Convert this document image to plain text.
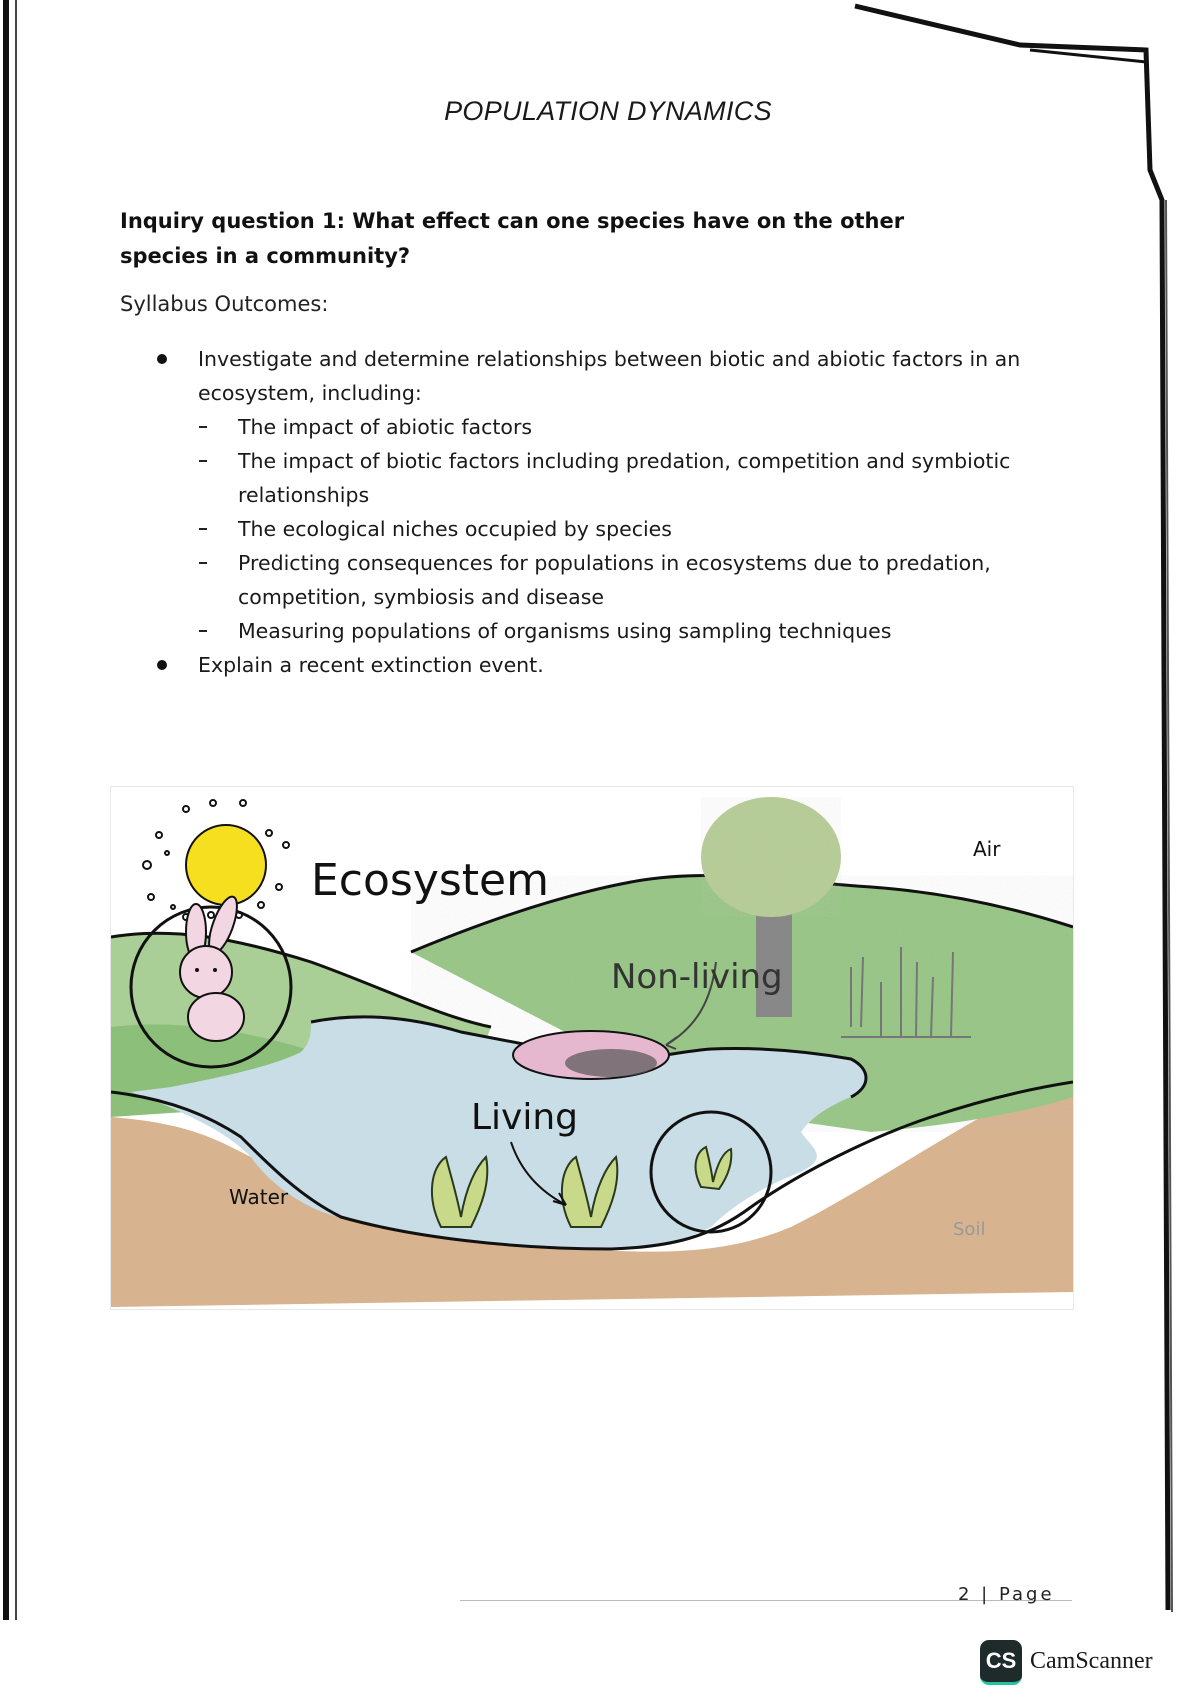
POPULATION DYNAMICS
Inquiry question 1: What effect can one species have on the other species in a community?
Syllabus Outcomes:
Investigate and determine relationships between biotic and abiotic factors in an ecosystem, including:
The impact of abiotic factors
The impact of biotic factors including predation, competition and symbiotic relationships
The ecological niches occupied by species
Predicting consequences for populations in ecosystems due to predation, competition, symbiosis and disease
Measuring populations of organisms using sampling techniques
Explain a recent extinction event.
Ecosystem
Air
Non-living
Living
Water
Soil
2 | Page
CS CamScanner
